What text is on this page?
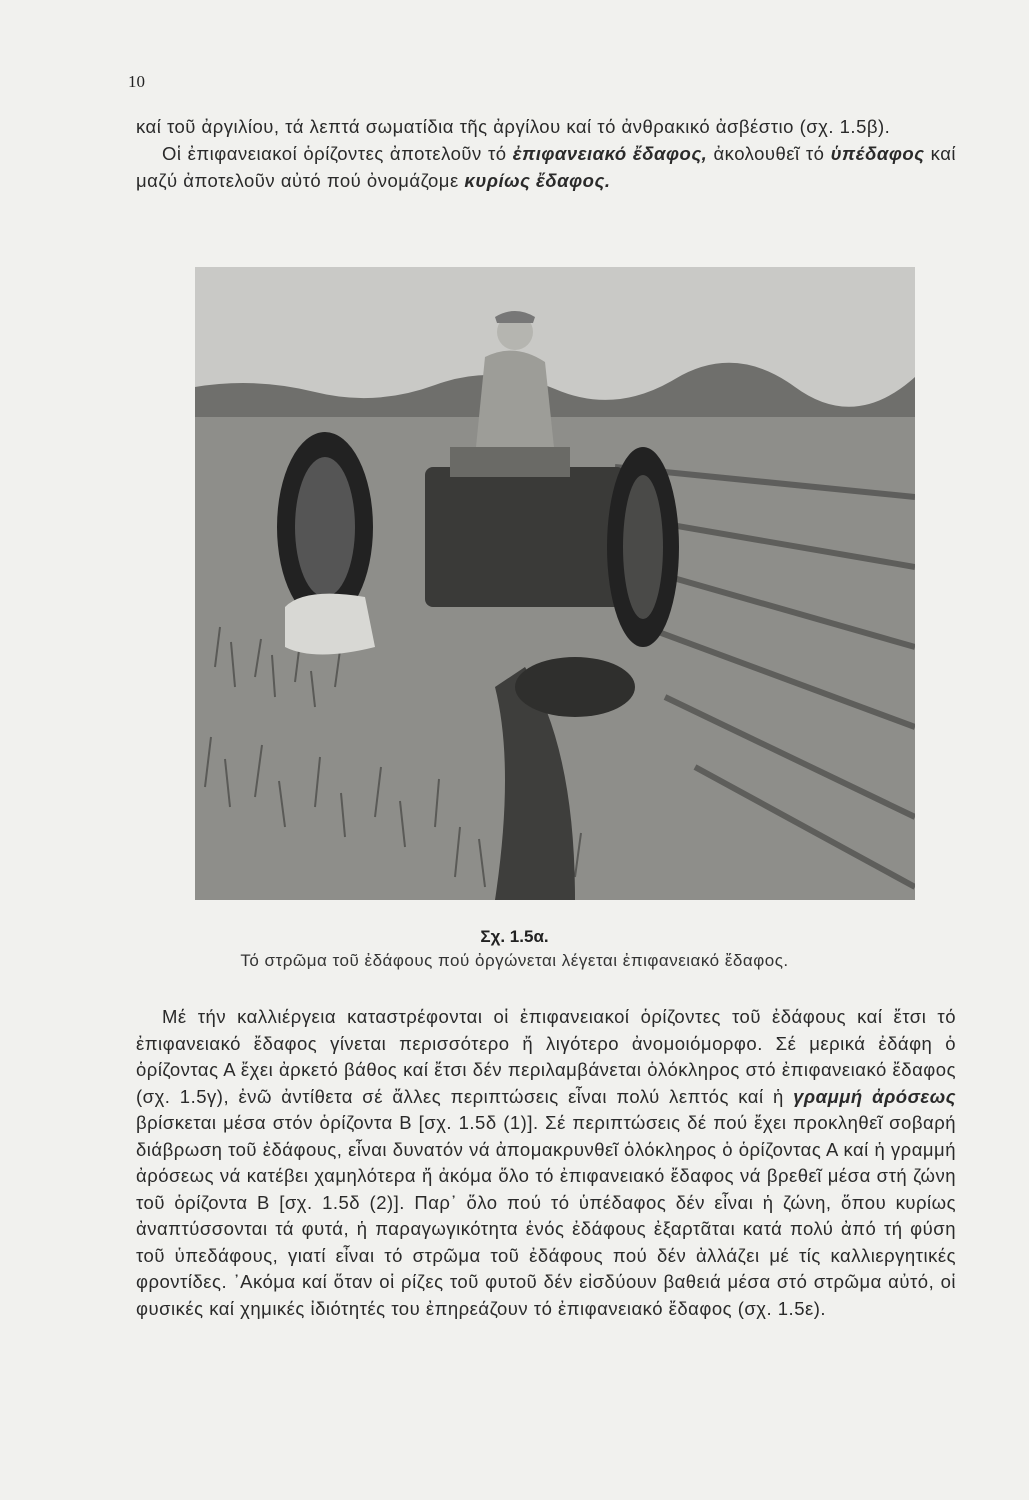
10

καί τοῦ ἀργιλίου, τά λεπτά σωματίδια τῆς ἀργίλου καί τό ἀνθρακικό ἀσβέστιο (σχ. 1.5β).
Οἱ ἐπιφανειακοί ὁρίζοντες ἀποτελοῦν τό ἐπιφανειακό ἔδαφος, ἀκολουθεῖ τό ὑπέδαφος καί μαζύ ἀποτελοῦν αὐτό πού ὀνομάζομε κυρίως ἔδαφος.

Σχ. 1.5α.
Τό στρῶμα τοῦ ἐδάφους πού ὀργώνεται λέγεται ἐπιφανειακό ἔδαφος.

Μέ τήν καλλιέργεια καταστρέφονται οἱ ἐπιφανειακοί ὁρίζοντες τοῦ ἐδάφους καί ἔτσι τό ἐπιφανειακό ἔδαφος γίνεται περισσότερο ἤ λιγότερο ἀνομοιόμορφο. Σέ μερικά ἐδάφη ὁ ὁρίζοντας Α ἔχει ἀρκετό βάθος καί ἔτσι δέν περιλαμβάνεται ὁλόκληρος στό ἐπιφανειακό ἔδαφος (σχ. 1.5γ), ἐνῶ ἀντίθετα σέ ἄλλες περιπτώσεις εἶναι πολύ λεπτός καί ἡ γραμμή ἀρόσεως βρίσκεται μέσα στόν ὁρίζοντα Β [σχ. 1.5δ (1)]. Σέ περιπτώσεις δέ πού ἔχει προκληθεῖ σοβαρή διάβρωση τοῦ ἐδάφους, εἶναι δυνατόν νά ἀπομακρυνθεῖ ὁλόκληρος ὁ ὁρίζοντας Α καί ἡ γραμμή ἀρόσεως νά κατέβει χαμηλότερα ἤ ἀκόμα ὅλο τό ἐπιφανειακό ἔδαφος νά βρεθεῖ μέσα στή ζώνη τοῦ ὁρίζοντα Β [σχ. 1.5δ (2)]. Παρ᾽ ὅλο πού τό ὑπέδαφος δέν εἶναι ἡ ζώνη, ὅπου κυρίως ἀναπτύσσονται τά φυτά, ἡ παραγωγικότητα ἑνός ἐδάφους ἐξαρτᾶται κατά πολύ ἀπό τή φύση τοῦ ὑπεδάφους, γιατί εἶναι τό στρῶμα τοῦ ἐδάφους πού δέν ἀλλάζει μέ τίς καλλιεργητικές φροντίδες. ᾿Ακόμα καί ὅταν οἱ ρίζες τοῦ φυτοῦ δέν εἰσδύουν βαθειά μέσα στό στρῶμα αὐτό, οἱ φυσικές καί χημικές ἰδιότητές του ἐπηρεάζουν τό ἐπιφανειακό ἔδαφος (σχ. 1.5ε).
